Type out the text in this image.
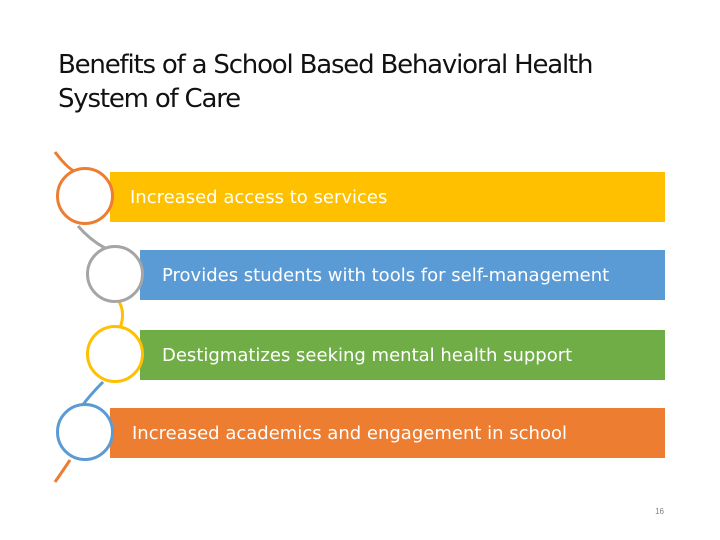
Benefits of a School Based Behavioral Health
System of Care
Increased access to services
Provides students with tools for self-management
Destigmatizes seeking mental health support
Increased academics and engagement in school
16
